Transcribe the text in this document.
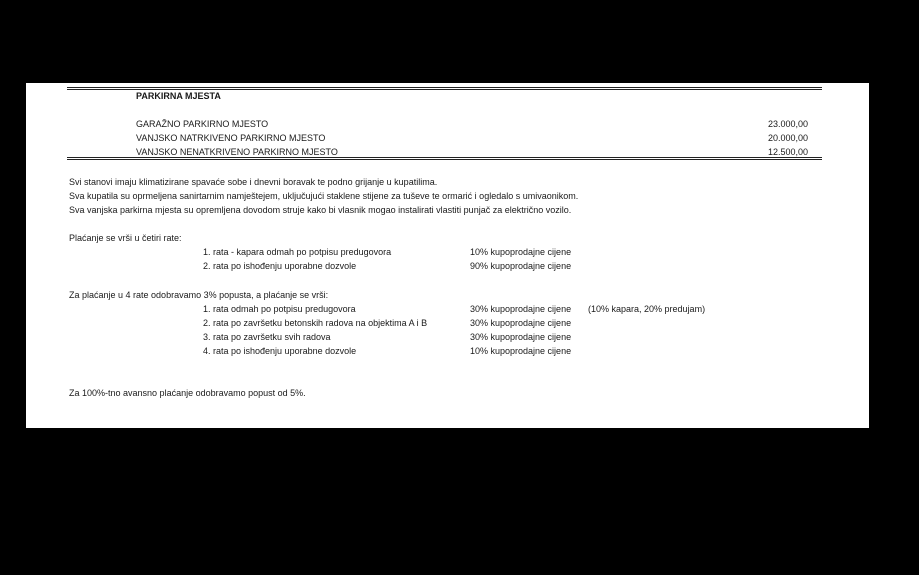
PARKIRNA MJESTA
GARAŽNO PARKIRNO MJESTO	23.000,00
VANJSKO NATRKIVENO PARKIRNO MJESTO	20.000,00
VANJSKO NENATKRIVENO PARKIRNO MJESTO	12.500,00
Svi stanovi imaju klimatizirane spavaće sobe i dnevni boravak te podno grijanje u kupatilima.
Sva kupatila su oprmeljena sanirtarnim namještejem, uključujući staklene stijene za tuševe te ormarić i ogledalo s umivaonikom.
Sva vanjska parkirna mjesta su opremljena dovodom struje kako bi vlasnik mogao instalirati vlastiti punjač za električno vozilo.
Plaćanje se vrši u četiri rate:
1. rata - kapara odmah po potpisu predugovora	10% kupoprodajne cijene
2. rata po ishođenju uporabne dozvole	90% kupoprodajne cijene
Za plaćanje u 4 rate odobravamo 3% popusta, a plaćanje se vrši:
1. rata odmah po potpisu predugovora	30% kupoprodajne cijene (10% kapara, 20% predujam)
2. rata po završetku betonskih radova na objektima A i B	30% kupoprodajne cijene
3. rata po završetku svih radova	30% kupoprodajne cijene
4. rata po ishođenju uporabne dozvole	10% kupoprodajne cijene
Za 100%-tno avansno plaćanje odobravamo popust od 5%.
